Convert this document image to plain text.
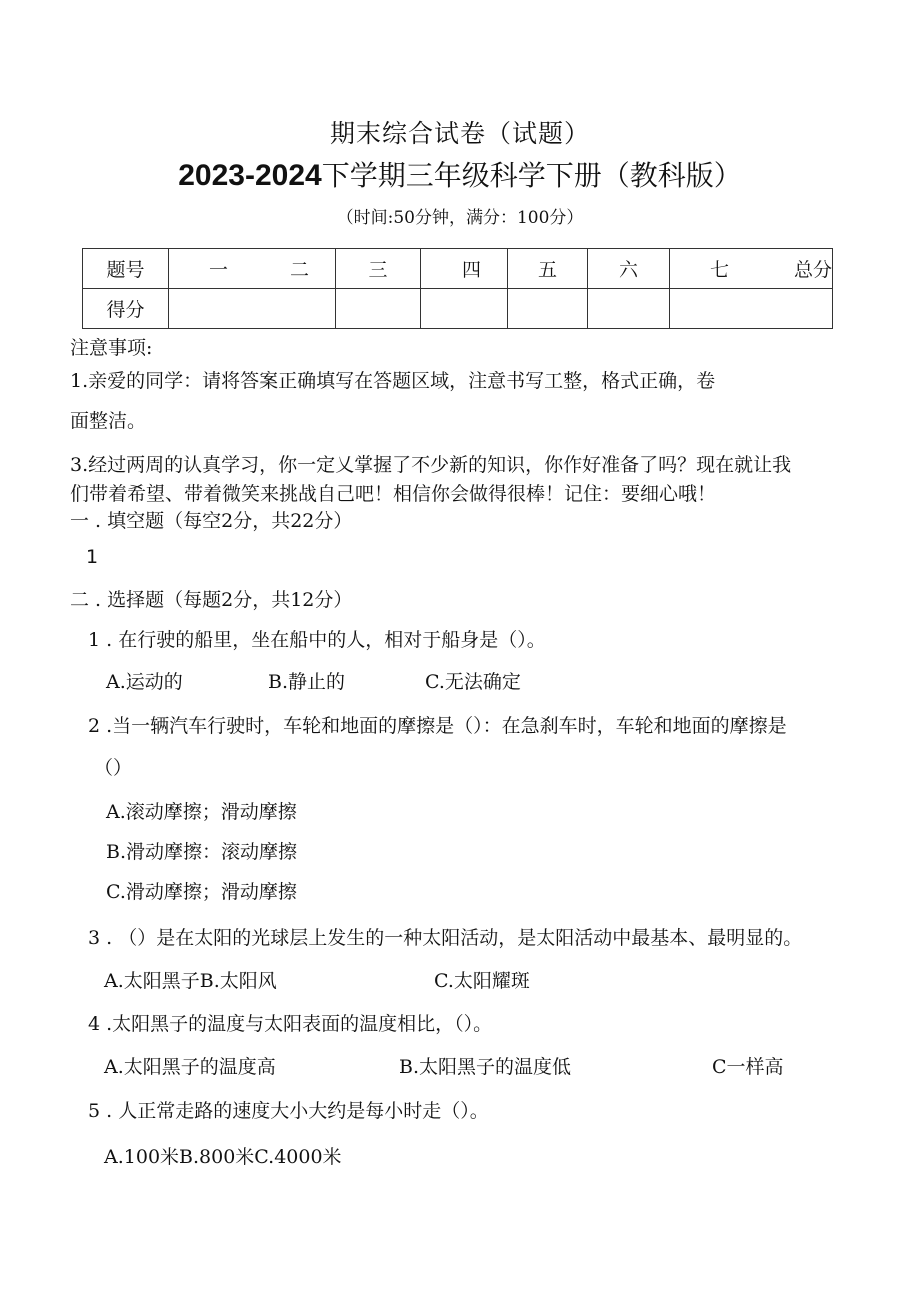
期末综合试卷（试题）
2023-2024下学期三年级科学下册（教科版）
（时间:50分钟，满分：100分）
题号	一	二	三	四	五	六	七	总分
得分								
注意事项:
1.亲爱的同学：请将答案正确填写在答题区域，注意书写工整，格式正确，卷
面整洁。
3.经过两周的认真学习，你一定乂掌握了不少新的知识，你作好准备了吗？现在就让我
们带着希望、带着微笑来挑战自己吧！相信你会做得很棒！记住：要细心哦！
一 . 填空题（每空2分，共22分）
1
二 . 选择题（每题2分，共12分）
1 . 在行驶的船里，坐在船中的人，相对于船身是（）。
A.运动的	B.静止的	C.无法确定
2 .当一辆汽车行驶时，车轮和地面的摩擦是（）：在急刹车时，车轮和地面的摩擦是
（）
A.滚动摩擦；滑动摩擦
B.滑动摩擦：滚动摩擦
C.滑动摩擦；滑动摩擦
3 . （）是在太阳的光球层上发生的一种太阳活动，是太阳活动中最基本、最明显的。
A.太阳黑子B.太阳风	C.太阳耀斑
4 .太阳黑子的温度与太阳表面的温度相比，（）。
A.太阳黑子的温度高	B.太阳黑子的温度低	C一样高
5 . 人正常走路的速度大小大约是每小时走（）。
A.100米B.800米C.4000米
